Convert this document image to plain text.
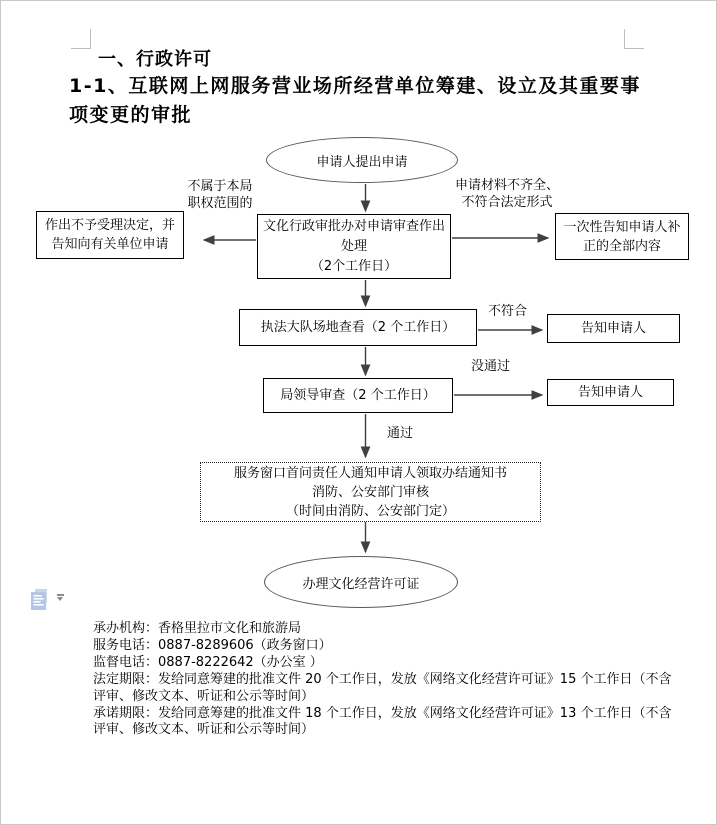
一、行政许可
1-1、互联网上网服务营业场所经营单位筹建、设立及其重要事
项变更的审批
申请人提出申请
不属于本局
职权范围的
申请材料不齐全、
不符合法定形式
作出不予受理决定，并
告知向有关单位申请
文化行政审批办对申请审查作出
处理
（2个工作日）
一次性告知申请人补
正的全部内容
执法大队场地查看（2 个工作日）
不符合
告知申请人
局领导审查（2 个工作日）
没通过
告知申请人
通过
服务窗口首问责任人通知申请人领取办结通知书
消防、公安部门审核
（时间由消防、公安部门定）
办理文化经营许可证
承办机构：香格里拉市文化和旅游局
服务电话：0887-8289606（政务窗口）
监督电话：0887-8222642（办公室 ）
法定期限：发给同意筹建的批准文件 20 个工作日，发放《网络文化经营许可证》15 个工作日（不含评审、修改文本、听证和公示等时间）
承诺期限：发给同意筹建的批准文件 18 个工作日，发放《网络文化经营许可证》13 个工作日（不含评审、修改文本、听证和公示等时间）
